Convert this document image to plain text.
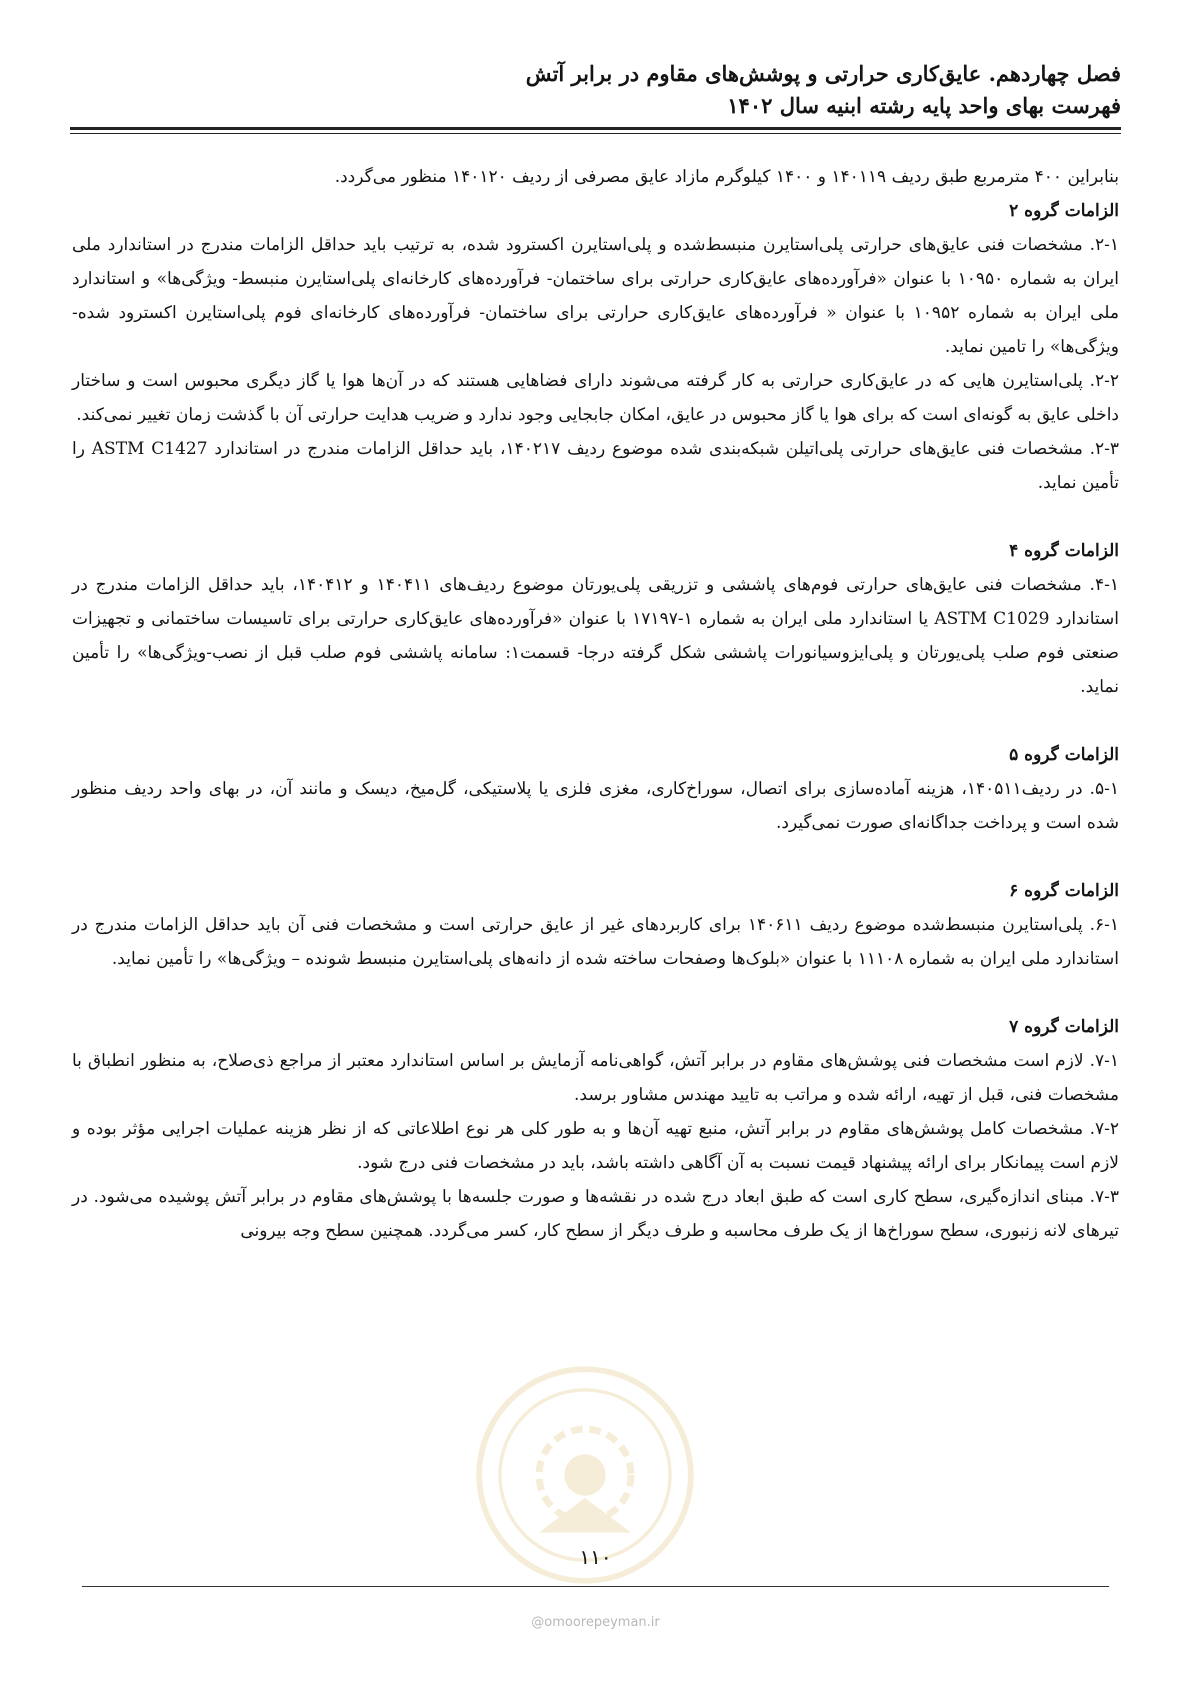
فصل چهاردهم. عایق‌کاری حرارتی و پوشش‌های مقاوم در برابر آتش
فهرست بهای واحد پایه رشته ابنیه سال ۱۴۰۲

بنابراین ۴۰۰ مترمربع طبق ردیف ۱۴۰۱۱۹ و ۱۴۰۰ کیلوگرم مازاد عایق مصرفی از ردیف ۱۴۰۱۲۰ منظور می‌گردد.

الزامات گروه ۲

۲-۱. مشخصات فنی عایق‌های حرارتی پلی‌استایرن منبسط‌شده و پلی‌استایرن اکسترود شده، به ترتیب باید حداقل الزامات مندرج در استاندارد ملی ایران به شماره ۱۰۹۵۰ با عنوان «فرآورده‌های عایق‌کاری حرارتی برای ساختمان- فرآورده‌های کارخانه‌ای پلی‌استایرن منبسط- ویژگی‌ها» و استاندارد ملی ایران به شماره ۱۰۹۵۲ با عنوان « فرآورده‌های عایق‌کاری حرارتی برای ساختمان- فرآورده‌های کارخانه‌ای فوم پلی‌استایرن اکسترود شده- ویژگی‌ها» را تامین نماید.

۲-۲. پلی‌استایرن هایی که در عایق‌کاری حرارتی به کار گرفته می‌شوند دارای فضاهایی هستند که در آن‌ها هوا یا گاز دیگری محبوس است و ساختار داخلی عایق به گونه‌ای است که برای هوا یا گاز محبوس در عایق، امکان جابجایی وجود ندارد و ضریب هدایت حرارتی آن با گذشت زمان تغییر نمی‌کند.

۲-۳. مشخصات فنی عایق‌های حرارتی پلی‌اتیلن شبکه‌بندی شده موضوع ردیف ۱۴۰۲۱۷، باید حداقل الزامات مندرج در استاندارد ASTM C1427 را تأمین نماید.

الزامات گروه ۴

۴-۱. مشخصات فنی عایق‌های حرارتی فوم‌های پاششی و تزریقی پلی‌یورتان موضوع ردیف‌های ۱۴۰۴۱۱ و ۱۴۰۴۱۲، باید حداقل الزامات مندرج در استاندارد ASTM C1029 یا استاندارد ملی ایران به شماره ۱-۱۷۱۹۷ با عنوان «فرآورده‌های عایق‌کاری حرارتی برای تاسیسات ساختمانی و تجهیزات صنعتی فوم صلب پلی‌یورتان و پلی‌ایزوسیانورات پاششی شکل گرفته درجا- قسمت۱: سامانه پاششی فوم صلب قبل از نصب-ویژگی‌ها» را تأمین نماید.

الزامات گروه ۵

۵-۱. در ردیف۱۴۰۵۱۱، هزینه آماده‌سازی برای اتصال، سوراخ‌کاری، مغزی فلزی یا پلاستیکی، گل‌میخ، دیسک و مانند آن، در بهای واحد ردیف منظور شده است و پرداخت جداگانه‌ای صورت نمی‌گیرد.

الزامات گروه ۶

۶-۱. پلی‌استایرن منبسط‌شده موضوع ردیف ۱۴۰۶۱۱ برای کاربردهای غیر از عایق حرارتی است و مشخصات فنی آن باید حداقل الزامات مندرج در استاندارد ملی ایران به شماره ۱۱۱۰۸ با عنوان «بلوک‌ها وصفحات ساخته شده از دانه‌های پلی‌استایرن منبسط شونده – ویژگی‌ها» را تأمین نماید.

الزامات گروه ۷

۷-۱. لازم است مشخصات فنی پوشش‌های مقاوم در برابر آتش، گواهی‌نامه آزمایش بر اساس استاندارد معتبر از مراجع ذی‌صلاح، به منظور انطباق با مشخصات فنی، قبل از تهیه، ارائه شده و مراتب به تایید مهندس مشاور برسد.

۷-۲. مشخصات کامل پوشش‌های مقاوم در برابر آتش، منبع تهیه آن‌ها و به طور کلی هر نوع اطلاعاتی که از نظر هزینه عملیات اجرایی مؤثر بوده و لازم است پیمانکار برای ارائه پیشنهاد قیمت نسبت به آن آگاهی داشته باشد، باید در مشخصات فنی درج شود.

۷-۳. مبنای اندازه‌گیری، سطح کاری است که طبق ابعاد درج شده در نقشه‌ها و صورت جلسه‌ها با پوشش‌های مقاوم در برابر آتش پوشیده می‌شود. در تیرهای لانه زنبوری، سطح سوراخ‌ها از یک طرف محاسبه و طرف دیگر از سطح کار، کسر می‌گردد. همچنین سطح وجه بیرونی

۱۱۰
@omoorepeyman.ir
